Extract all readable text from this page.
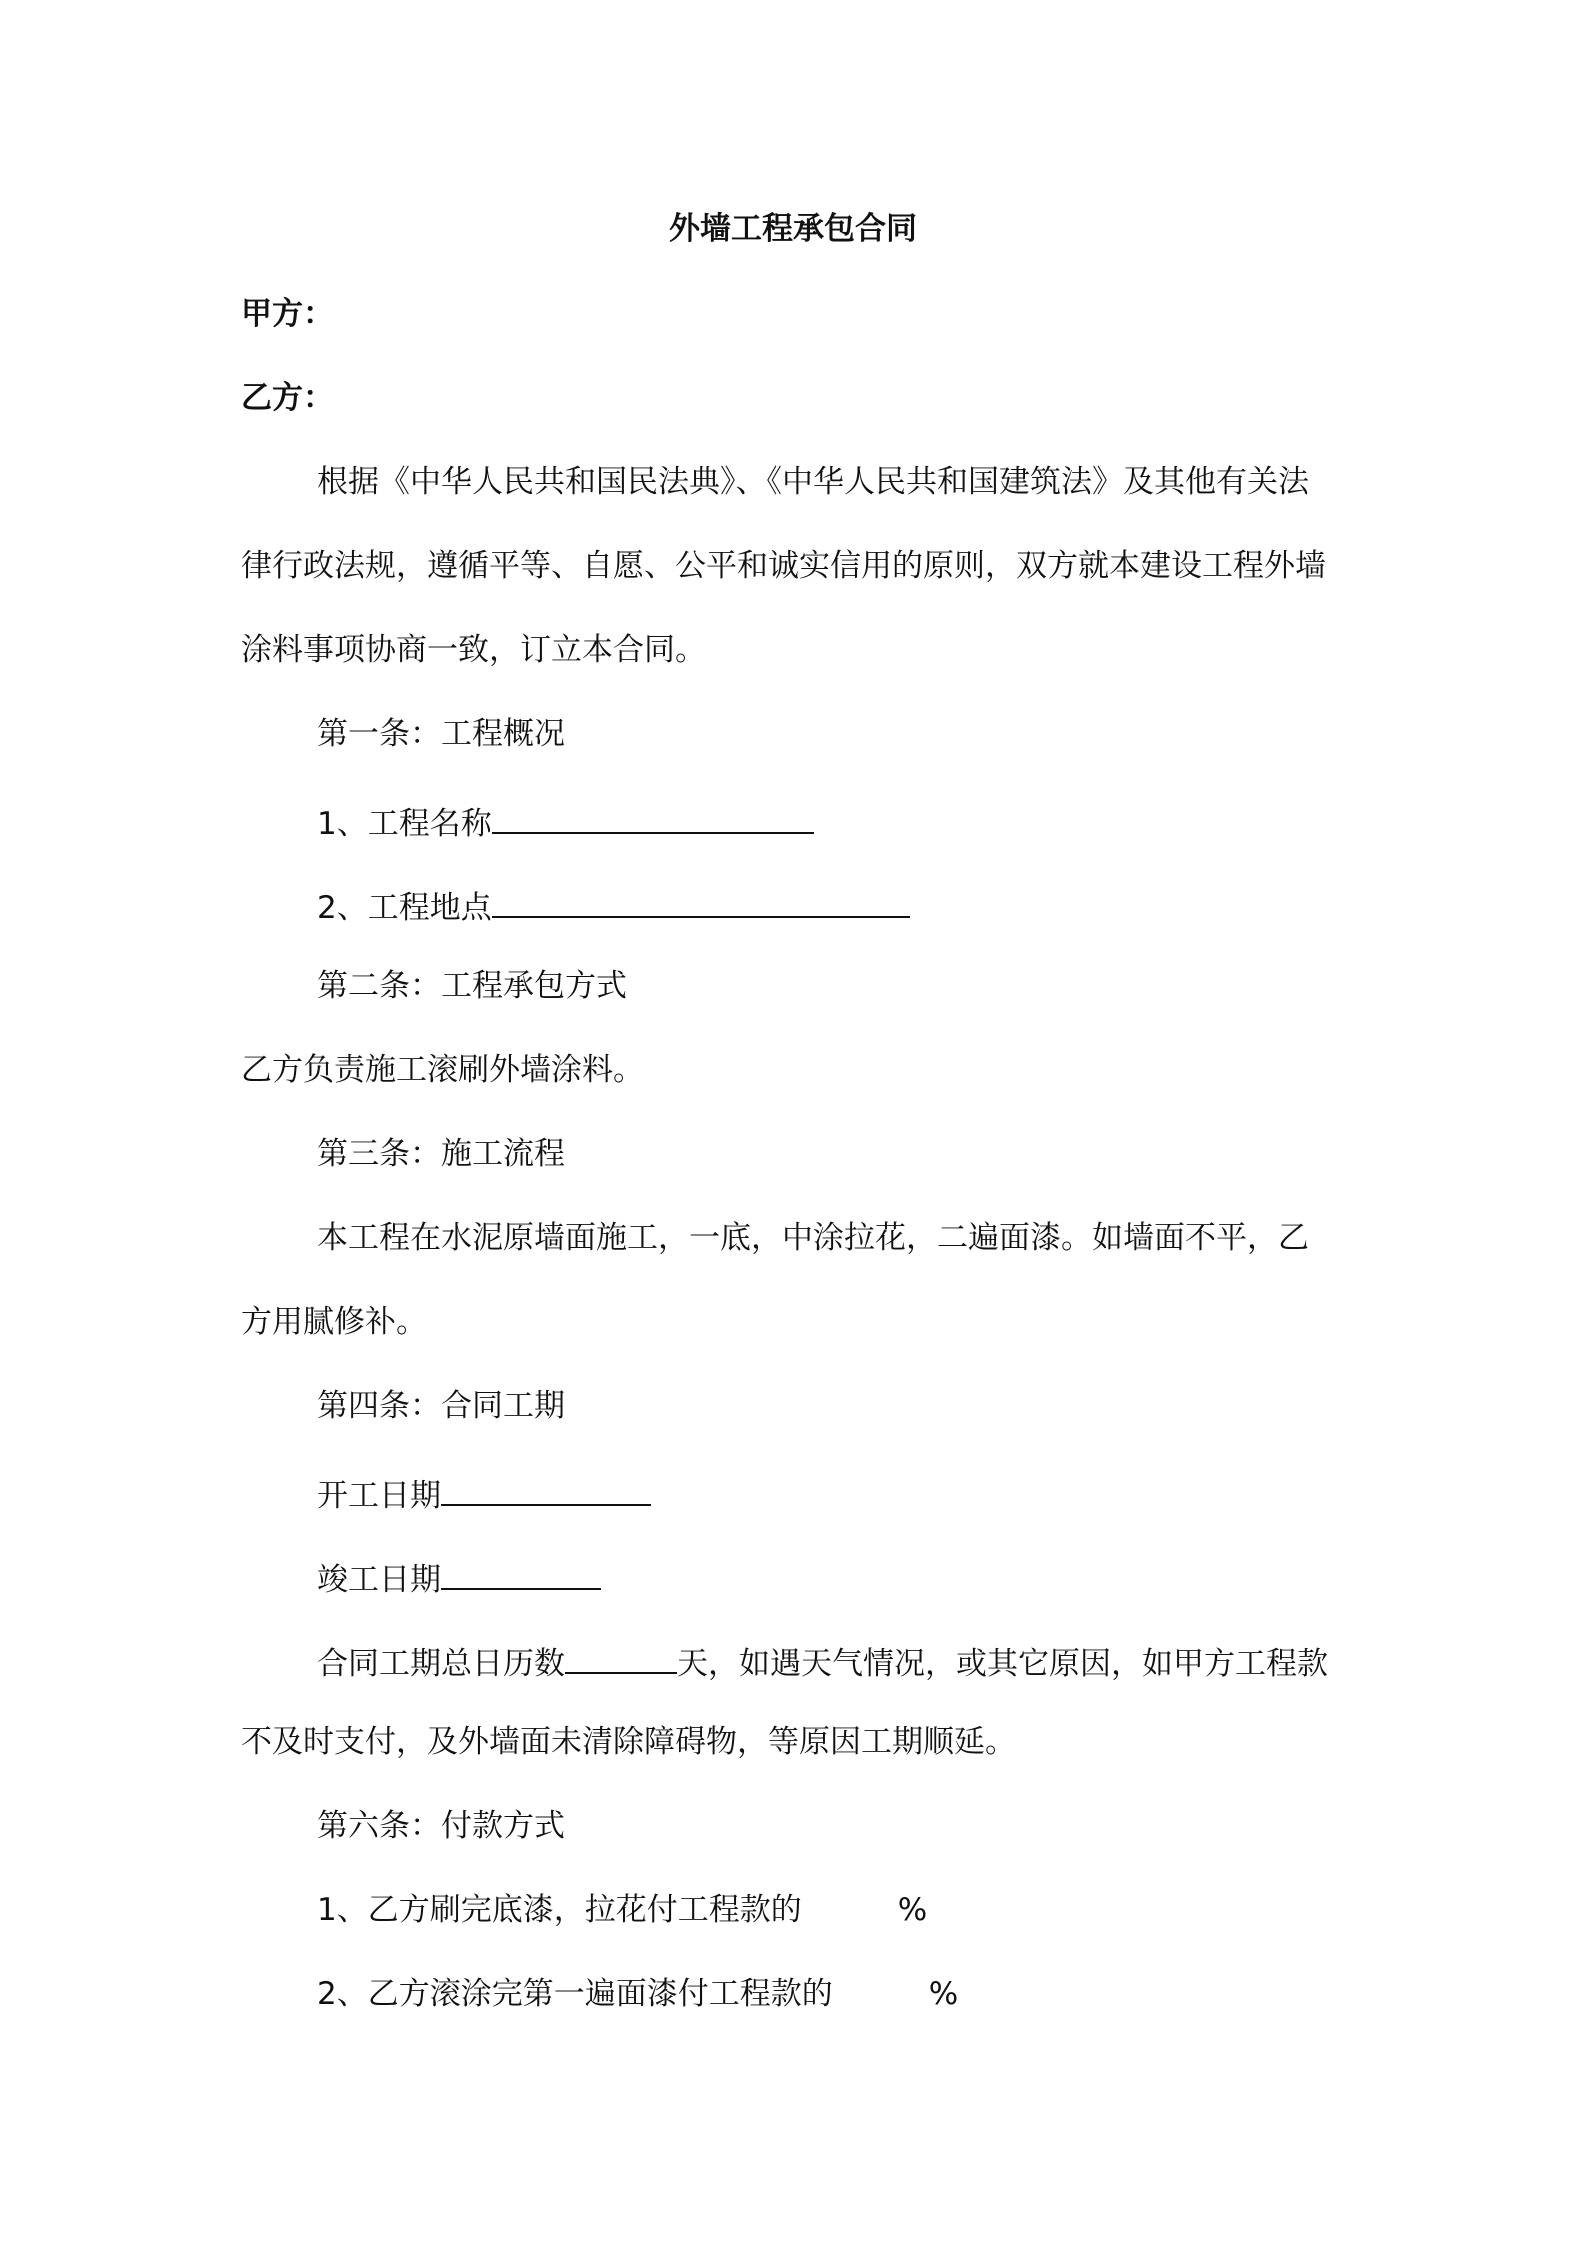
外墙工程承包合同
甲方：
乙方：
根据《中华人民共和国民法典》、《中华人民共和国建筑法》及其他有关法
律行政法规，遵循平等、自愿、公平和诚实信用的原则，双方就本建设工程外墙
涂料事项协商一致，订立本合同。
第一条：工程概况
1、工程名称
2、工程地点
第二条：工程承包方式
乙方负责施工滚刷外墙涂料。
第三条：施工流程
本工程在水泥原墙面施工，一底，中涂拉花，二遍面漆。如墙面不平，乙
方用腻修补。
第四条：合同工期
开工日期
竣工日期
合同工期总日历数	天，如遇天气情况，或其它原因，如甲方工程款
不及时支付，及外墙面未清除障碍物，等原因工期顺延。
第六条：付款方式
1、乙方刷完底漆，拉花付工程款的	%
2、乙方滚涂完第一遍面漆付工程款的	%
